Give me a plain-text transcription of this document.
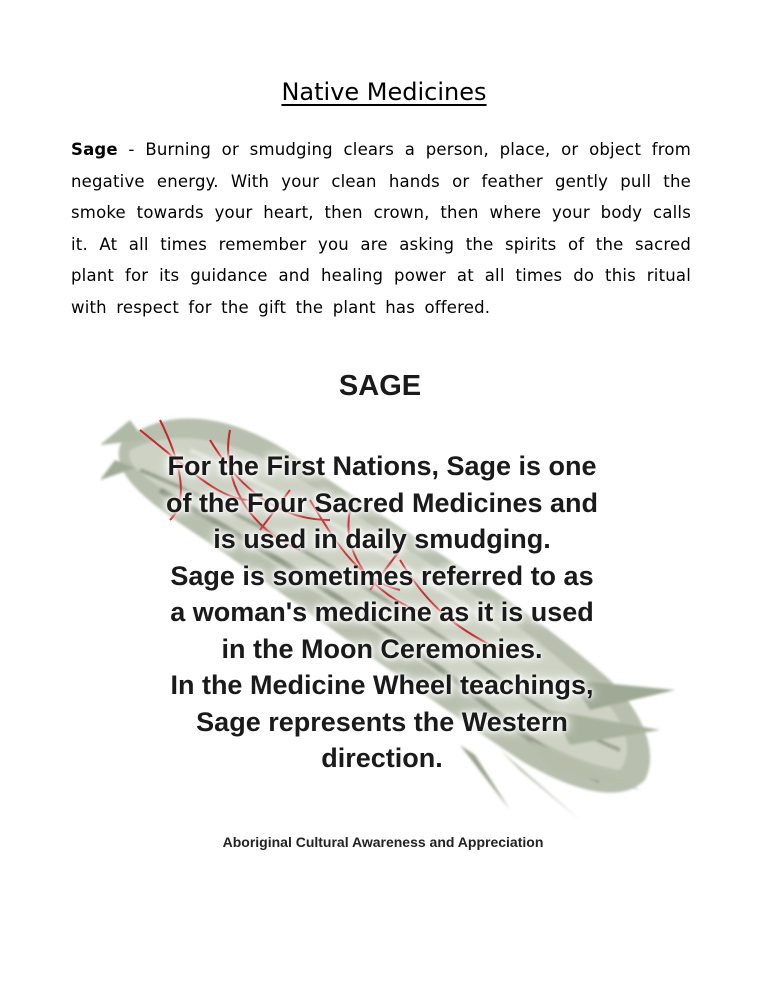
Native Medicines
Sage - Burning or smudging clears a person, place, or object from negative energy. With your clean hands or feather gently pull the smoke towards your heart, then crown, then where your body calls it. At all times remember you are asking the spirits of the sacred plant for its guidance and healing power at all times do this ritual with respect for the gift the plant has offered.
SAGE
For the First Nations, Sage is one
of the Four Sacred Medicines and
is used in daily smudging.
Sage is sometimes referred to as
a woman's medicine as it is used
in the Moon Ceremonies.
In the Medicine Wheel teachings,
Sage represents the Western
direction.
Aboriginal Cultural Awareness and Appreciation
